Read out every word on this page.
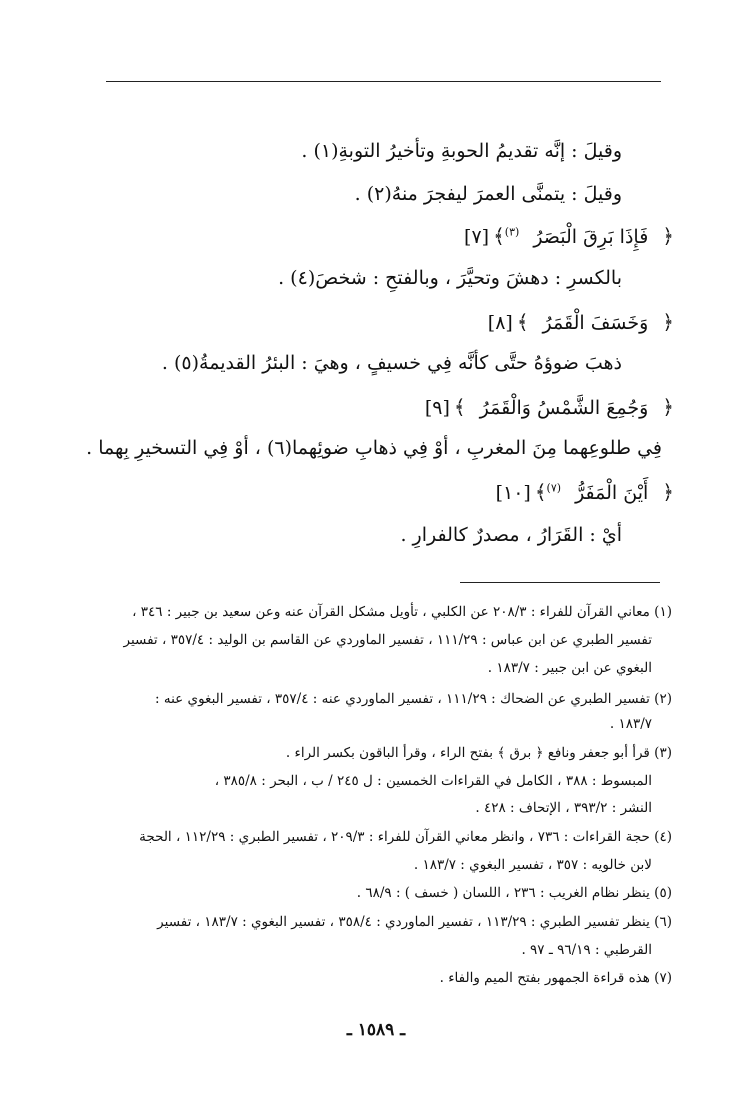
وقيلَ : إنَّه تقديمُ الحوبةِ وتأخيرُ التوبةِ(١) .
وقيلَ : يتمنَّى العمرَ ليفجرَ منهُ(٢) .
﴿فَإِذَا بَرِقَ الْبَصَرُ$^{(٣)}$﴾[٧]
بالكسرِ : دهشَ وتحيَّرَ ، وبالفتحِ : شخصَ(٤) .
﴿وَخَسَفَ الْقَمَرُ﴾[٨]
ذهبَ ضوؤهُ حتَّى كأنَّه فِي خسيفٍ ، وهيَ : البئرُ القديمةُ(٥) .
﴿وَجُمِعَ الشَّمْسُ وَالْقَمَرُ﴾[٩]
فِي طلوعِهما مِنَ المغربِ ، أوْ فِي ذهابِ ضوئِهما(٦) ، أوْ فِي التسخيرِ بِهما .
﴿أَيْنَ الْمَفَرُّ$^{(٧)}$﴾[١٠]
أيْ : القَرَارُ ، مصدرٌ كالفرارِ .
(١) معاني القرآن للفراء : ٢٠٨/٣ عن الكلبي ، تأويل مشكل القرآن عنه وعن سعيد بن جبير : ٣٤٦ ،
تفسير الطبري عن ابن عباس : ١١١/٢٩ ، تفسير الماوردي عن القاسم بن الوليد : ٣٥٧/٤ ، تفسير
البغوي عن ابن جبير : ١٨٣/٧ .
(٢) تفسير الطبري عن الضحاك : ١١١/٢٩ ، تفسير الماوردي عنه : ٣٥٧/٤ ، تفسير البغوي عنه :
١٨٣/٧ .
(٣) قرأ أبو جعفر ونافع ﴿ برق ﴾ بفتح الراء ، وقرأ الباقون بكسر الراء .
المبسوط : ٣٨٨ ، الكامل في القراءات الخمسين : ل ٢٤٥ / ب ، البحر : ٣٨٥/٨ ،
النشر : ٣٩٣/٢ ، الإتحاف : ٤٢٨ .
(٤) حجة القراءات : ٧٣٦ ، وانظر معاني القرآن للفراء : ٢٠٩/٣ ، تفسير الطبري : ١١٢/٢٩ ، الحجة
لابن خالويه : ٣٥٧ ، تفسير البغوي : ١٨٣/٧ .
(٥) ينظر نظام الغريب : ٢٣٦ ، اللسان ( خسف ) : ٦٨/٩ .
(٦) ينظر تفسير الطبري : ١١٣/٢٩ ، تفسير الماوردي : ٣٥٨/٤ ، تفسير البغوي : ١٨٣/٧ ، تفسير
القرطبي : ٩٦/١٩ ـ ٩٧ .
(٧) هذه قراءة الجمهور بفتح الميم والفاء .
ـ ١٥٨٩ ـ
